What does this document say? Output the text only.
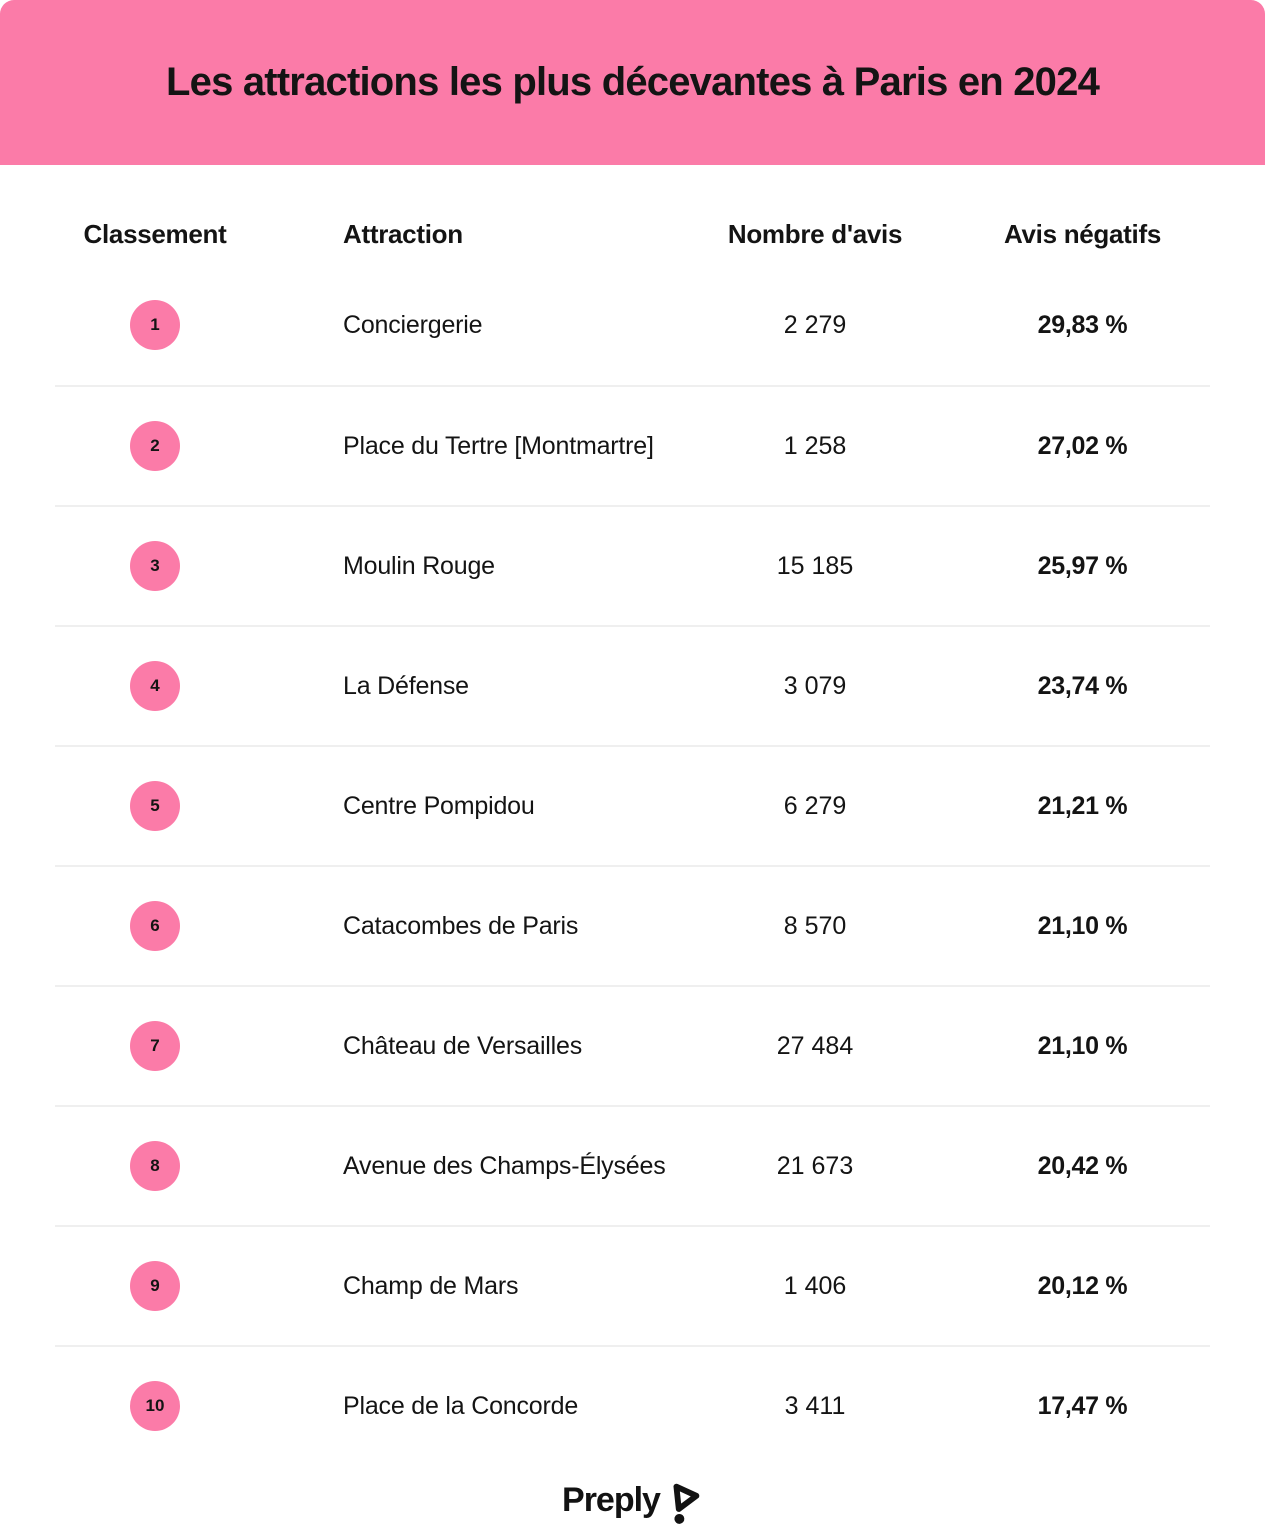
Les attractions les plus décevantes à Paris en 2024
Classement	Attraction	Nombre d'avis	Avis négatifs
1	Conciergerie	2 279	29,83 %
2	Place du Tertre [Montmartre]	1 258	27,02 %
3	Moulin Rouge	15 185	25,97 %
4	La Défense	3 079	23,74 %
5	Centre Pompidou	6 279	21,21 %
6	Catacombes de Paris	8 570	21,10 %
7	Château de Versailles	27 484	21,10 %
8	Avenue des Champs-Élysées	21 673	20,42 %
9	Champ de Mars	1 406	20,12 %
10	Place de la Concorde	3 411	17,47 %
Preply
